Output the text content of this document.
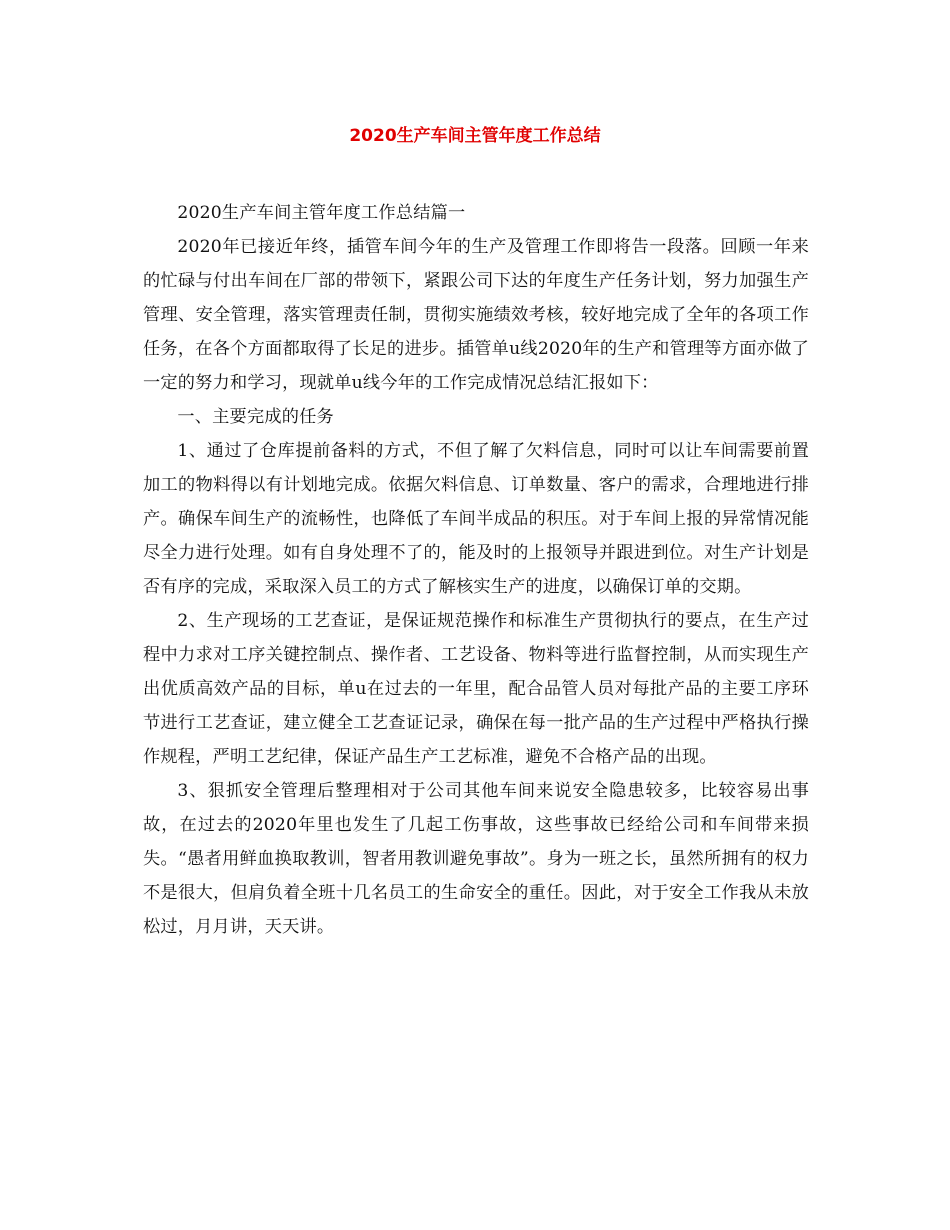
2020生产车间主管年度工作总结

2020生产车间主管年度工作总结篇一

2020年已接近年终，插管车间今年的生产及管理工作即将告一段落。回顾一年来的忙碌与付出车间在厂部的带领下，紧跟公司下达的年度生产任务计划，努力加强生产管理、安全管理，落实管理责任制，贯彻实施绩效考核，较好地完成了全年的各项工作任务，在各个方面都取得了长足的进步。插管单u线2020年的生产和管理等方面亦做了一定的努力和学习，现就单u线今年的工作完成情况总结汇报如下：

一、主要完成的任务

1、通过了仓库提前备料的方式，不但了解了欠料信息，同时可以让车间需要前置加工的物料得以有计划地完成。依据欠料信息、订单数量、客户的需求，合理地进行排产。确保车间生产的流畅性，也降低了车间半成品的积压。对于车间上报的异常情况能尽全力进行处理。如有自身处理不了的，能及时的上报领导并跟进到位。对生产计划是否有序的完成，采取深入员工的方式了解核实生产的进度，以确保订单的交期。

2、生产现场的工艺查证，是保证规范操作和标准生产贯彻执行的要点，在生产过程中力求对工序关键控制点、操作者、工艺设备、物料等进行监督控制，从而实现生产出优质高效产品的目标，单u在过去的一年里，配合品管人员对每批产品的主要工序环节进行工艺查证，建立健全工艺查证记录，确保在每一批产品的生产过程中严格执行操作规程，严明工艺纪律，保证产品生产工艺标准，避免不合格产品的出现。

3、狠抓安全管理后整理相对于公司其他车间来说安全隐患较多，比较容易出事故，在过去的2020年里也发生了几起工伤事故，这些事故已经给公司和车间带来损失。“愚者用鲜血换取教训，智者用教训避免事故”。身为一班之长，虽然所拥有的权力不是很大，但肩负着全班十几名员工的生命安全的重任。因此，对于安全工作我从未放松过，月月讲，天天讲。
